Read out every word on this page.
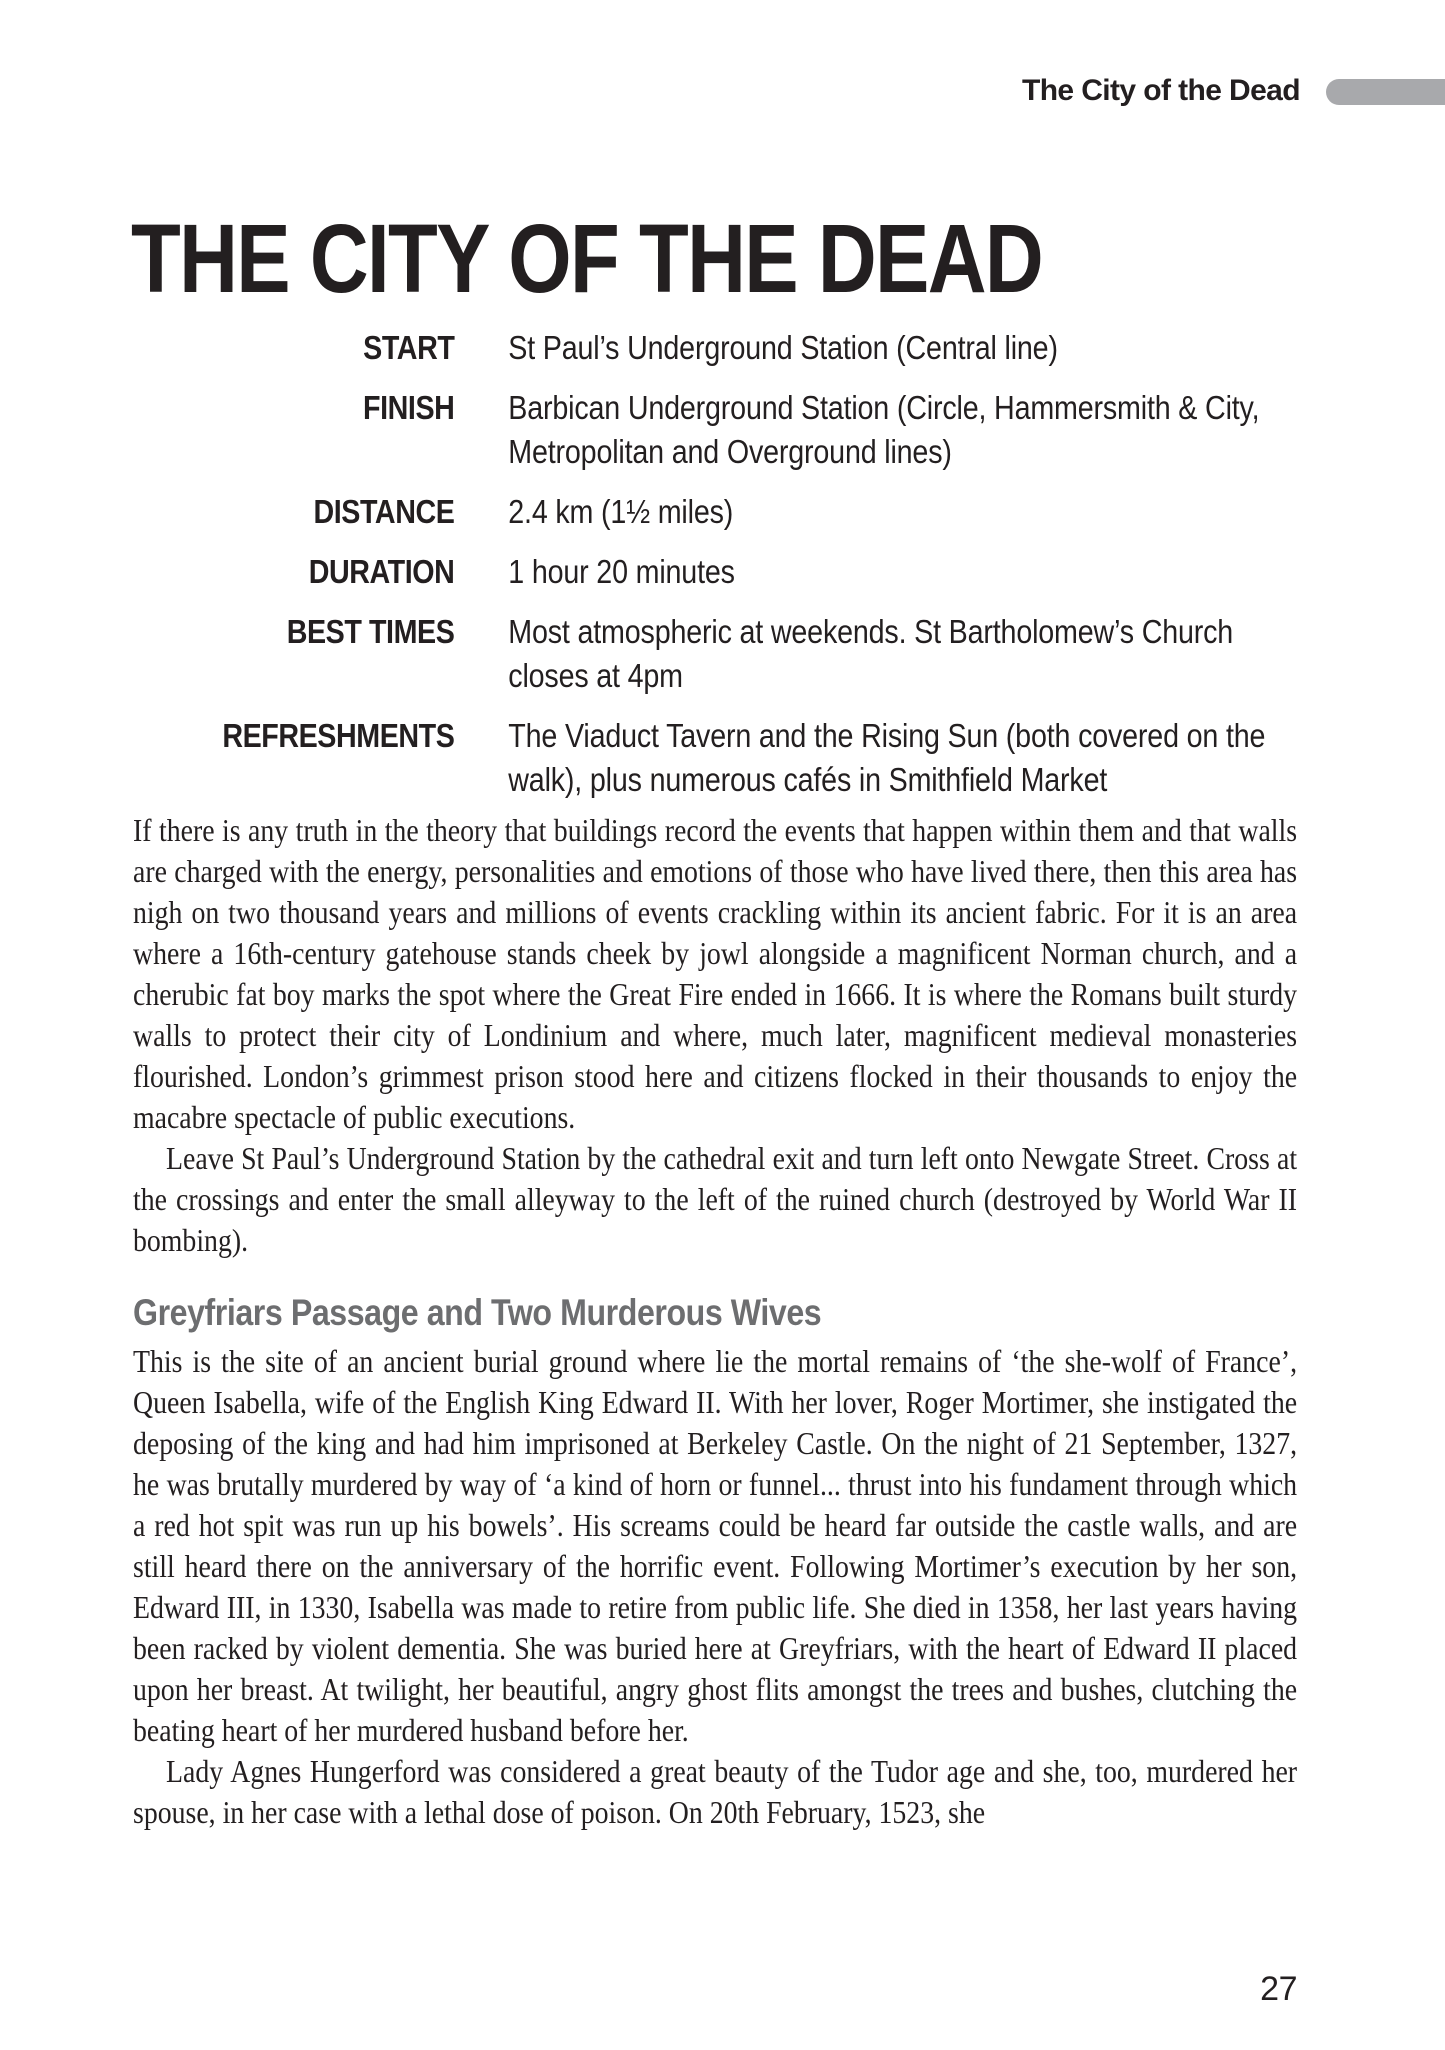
The City of the Dead
THE CITY OF THE DEAD
START St Paul’s Underground Station (Central line)
FINISH Barbican Underground Station (Circle, Hammersmith & City, Metropolitan and Overground lines)
DISTANCE 2.4 km (1½ miles)
DURATION 1 hour 20 minutes
BEST TIMES Most atmospheric at weekends. St Bartholomew’s Church closes at 4pm
REFRESHMENTS The Viaduct Tavern and the Rising Sun (both covered on the walk), plus numerous cafés in Smithfield Market

If there is any truth in the theory that buildings record the events that happen within them and that walls are charged with the energy, personalities and emotions of those who have lived there, then this area has nigh on two thousand years and millions of events crackling within its ancient fabric. For it is an area where a 16th-century gatehouse stands cheek by jowl alongside a magnificent Norman church, and a cherubic fat boy marks the spot where the Great Fire ended in 1666. It is where the Romans built sturdy walls to protect their city of Londinium and where, much later, magnificent medieval monasteries flourished. London’s grimmest prison stood here and citizens flocked in their thousands to enjoy the macabre spectacle of public executions.

Leave St Paul’s Underground Station by the cathedral exit and turn left onto Newgate Street. Cross at the crossings and enter the small alleyway to the left of the ruined church (destroyed by World War II bombing).

Greyfriars Passage and Two Murderous Wives

This is the site of an ancient burial ground where lie the mortal remains of ‘the she-wolf of France’, Queen Isabella, wife of the English King Edward II. With her lover, Roger Mortimer, she instigated the deposing of the king and had him imprisoned at Berkeley Castle. On the night of 21 September, 1327, he was brutally murdered by way of ‘a kind of horn or funnel... thrust into his fundament through which a red hot spit was run up his bowels’. His screams could be heard far outside the castle walls, and are still heard there on the anniversary of the horrific event. Following Mortimer’s execution by her son, Edward III, in 1330, Isabella was made to retire from public life. She died in 1358, her last years having been racked by violent dementia. She was buried here at Greyfriars, with the heart of Edward II placed upon her breast. At twilight, her beautiful, angry ghost flits amongst the trees and bushes, clutching the beating heart of her murdered husband before her.

Lady Agnes Hungerford was considered a great beauty of the Tudor age and she, too, murdered her spouse, in her case with a lethal dose of poison. On 20th February, 1523, she

27
